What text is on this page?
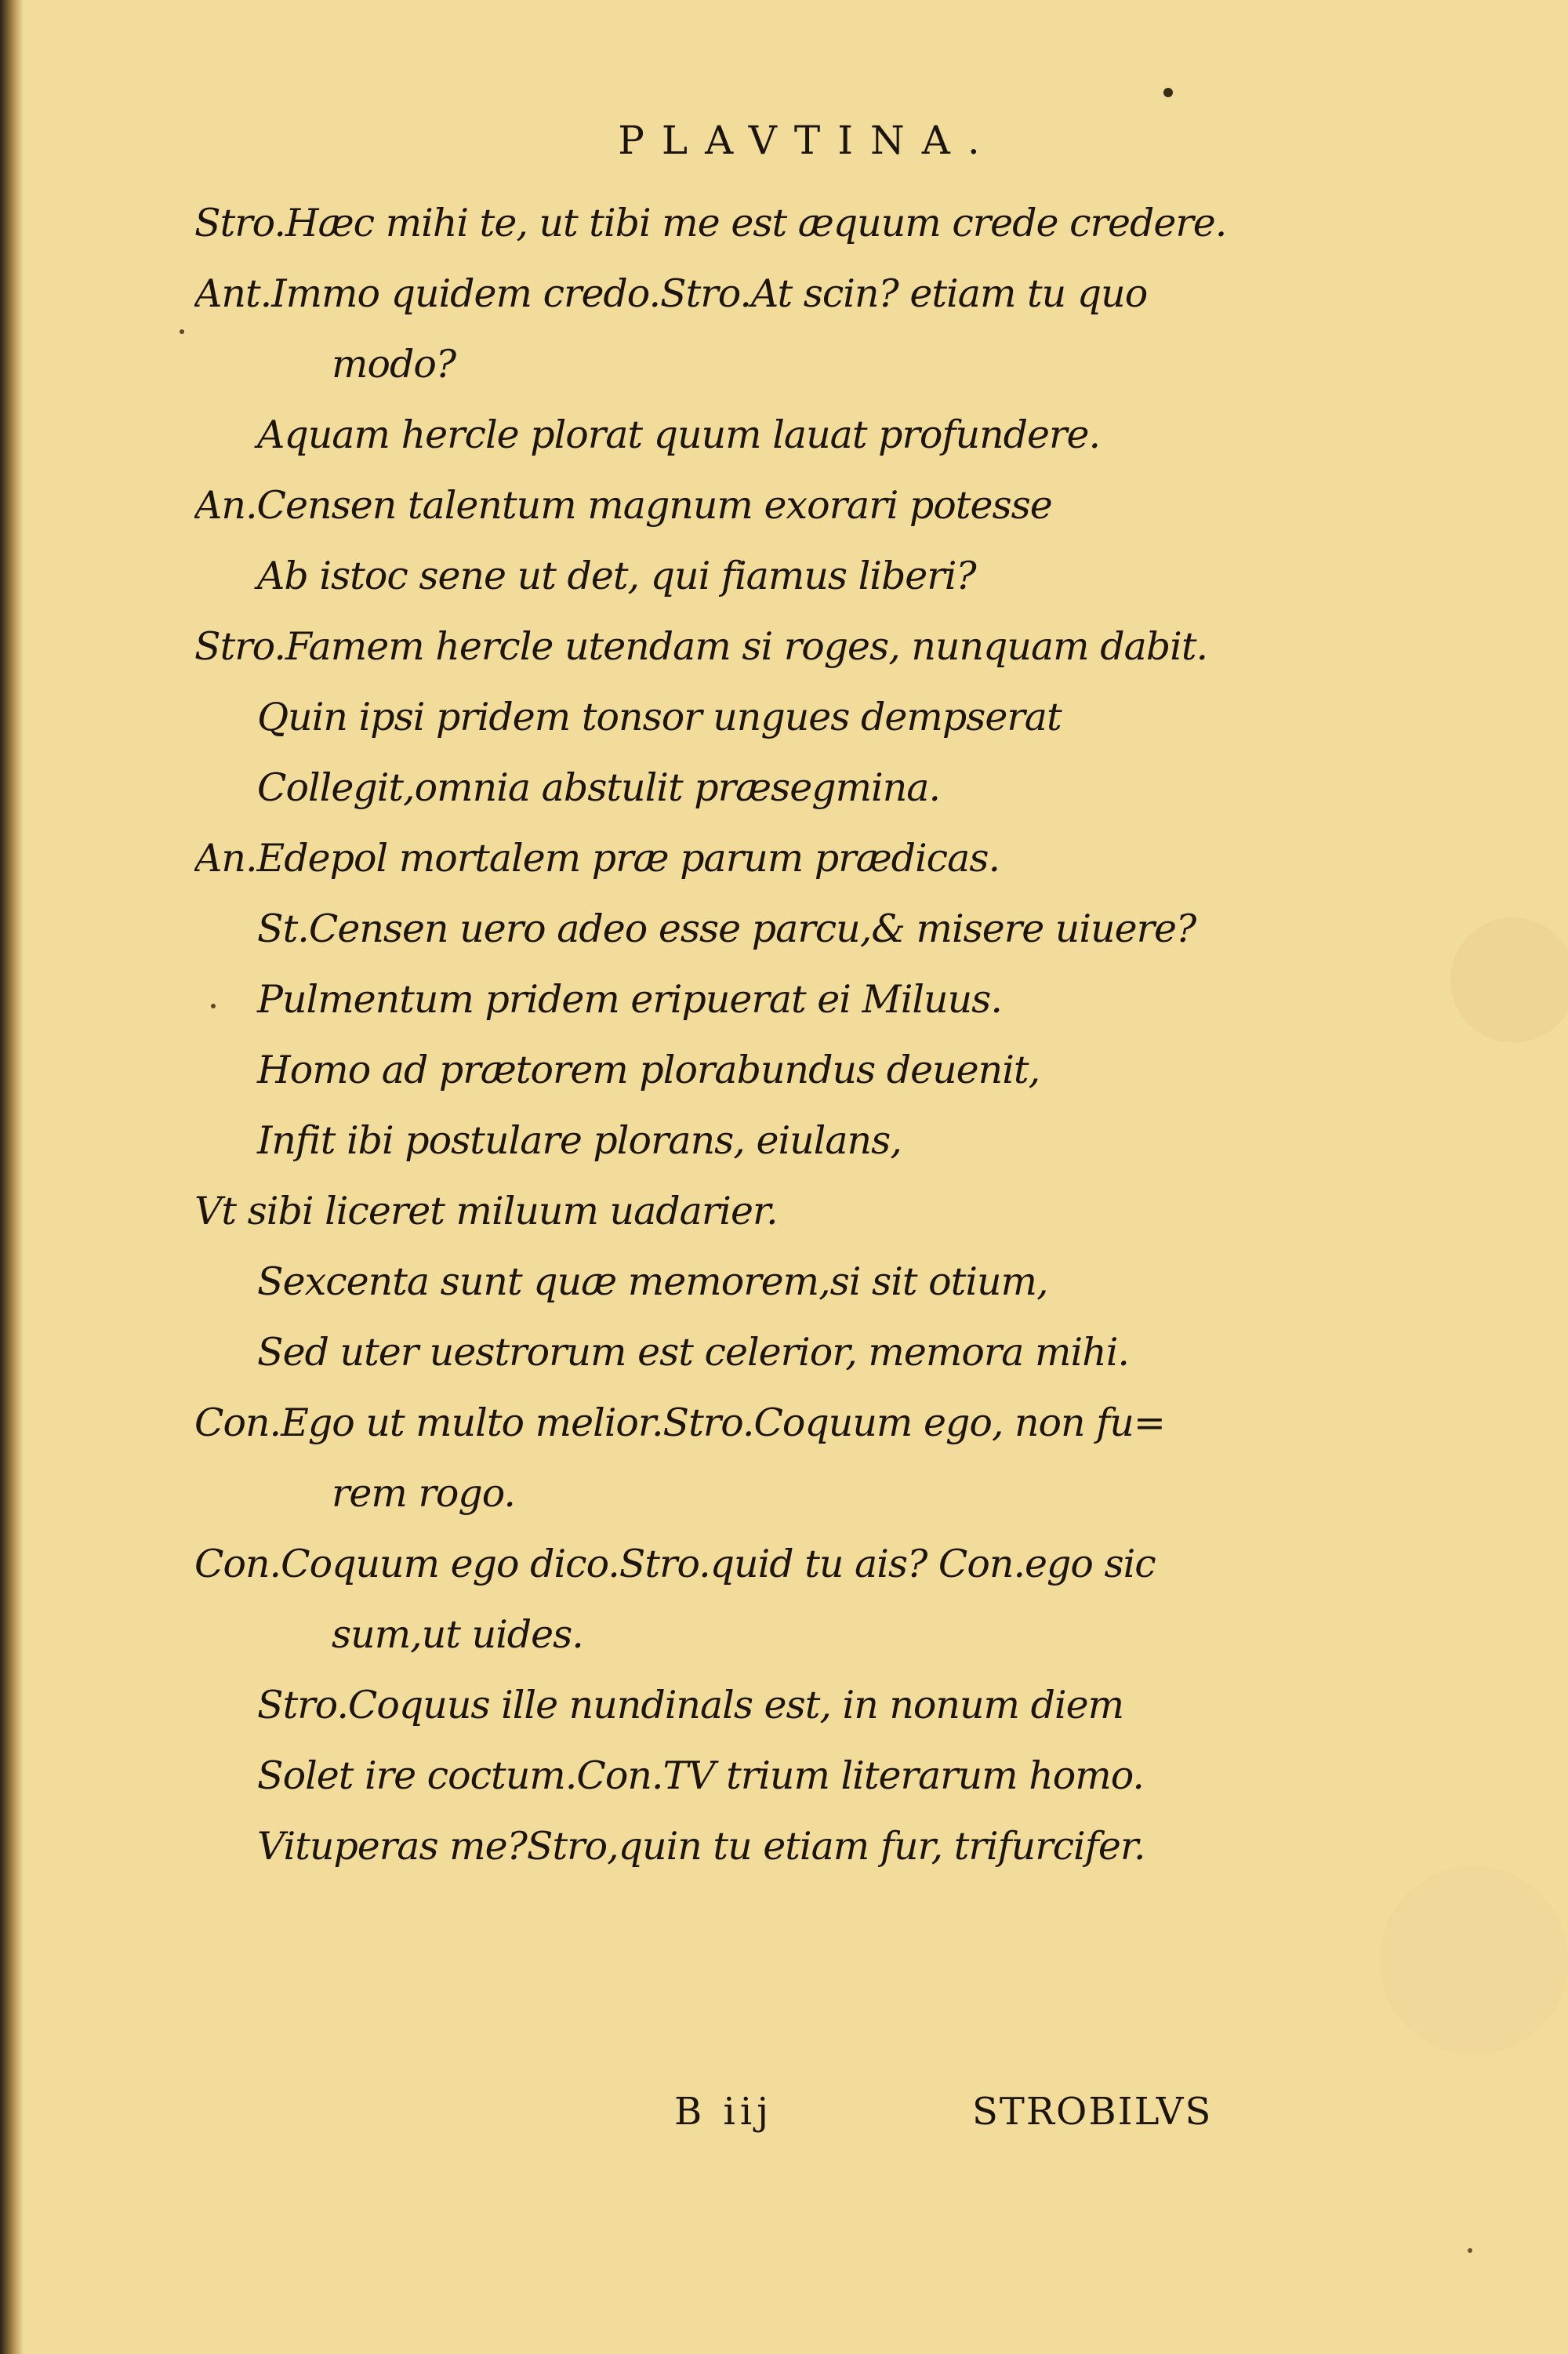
PLAVTINA.
Stro.Hæc mihi te, ut tibi me est æquum crede credere.
Ant.Immo quidem credo.Stro.At scin? etiam tu quo
modo?
Aquam hercle plorat quum lauat profundere.
An.Censen talentum magnum exorari potesse
Ab istoc sene ut det, qui fiamus liberi?
Stro.Famem hercle utendam si roges, nunquam dabit.
Quin ipsi pridem tonsor ungues dempserat
Collegit,omnia abstulit præsegmina.
An.Edepol mortalem præ parum prædicas.
St.Censen uero adeo esse parcu,& misere uiuere?
Pulmentum pridem eripuerat ei Miluus.
Homo ad prætorem plorabundus deuenit,
Infit ibi postulare plorans, eiulans,
Vt sibi liceret miluum uadarier.
Sexcenta sunt quæ memorem,si sit otium,
Sed uter uestrorum est celerior, memora mihi.
Con.Ego ut multo melior.Stro.Coquum ego, non fu=
rem rogo.
Con.Coquum ego dico.Stro.quid tu ais? Con.ego sic
sum,ut uides.
Stro.Coquus ille nundinals est, in nonum diem
Solet ire coctum.Con.TV trium literarum homo.
Vituperas me?Stro,quin tu etiam fur, trifurcifer.
B iij	STROBILVS
